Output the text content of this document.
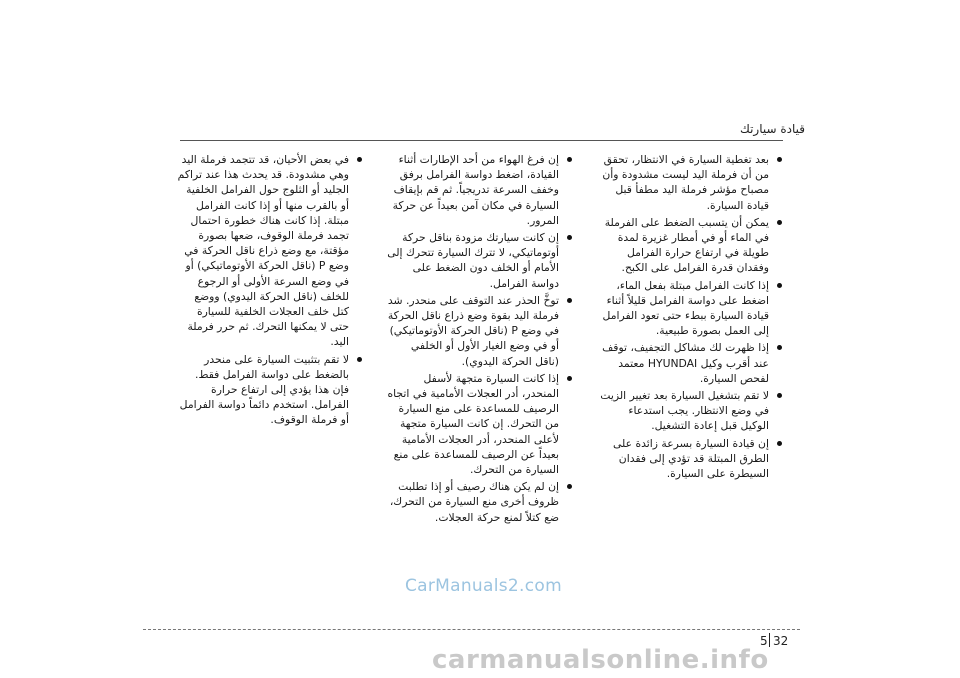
قيادة سيارتك
بعد تغطية السيارة في الانتظار، تحقق من أن فرملة اليد ليست مشدودة وأن مصباح مؤشر فرملة اليد مطفأ قبل قيادة السيارة.
يمكن أن يتسبب الضغط على الفرملة في الماء أو في أمطار غزيرة لمدة طويلة في ارتفاع حرارة الفرامل وفقدان قدرة الفرامل على الكبح.
إذا كانت الفرامل مبتلة بفعل الماء، اضغط على دواسة الفرامل قليلاً أثناء قيادة السيارة ببطء حتى تعود الفرامل إلى العمل بصورة طبيعية.
إذا ظهرت لك مشاكل التجفيف، توقف عند أقرب وكيل HYUNDAI معتمد لفحص السيارة.
لا تقم بتشغيل السيارة بعد تغيير الزيت في وضع الانتظار. يجب استدعاء الوكيل قبل إعادة التشغيل.
إن قيادة السيارة بسرعة زائدة على الطرق المبتلة قد تؤدي إلى فقدان السيطرة على السيارة.
إن فرغ الهواء من أحد الإطارات أثناء القيادة، اضغط دواسة الفرامل برفق وخفف السرعة تدريجياً. ثم قم بإيقاف السيارة في مكان آمن بعيداً عن حركة المرور.
إن كانت سيارتك مزودة بناقل حركة أوتوماتيكي، لا تترك السيارة تتحرك إلى الأمام أو الخلف دون الضغط على دواسة الفرامل.
توخَّ الحذر عند التوقف على منحدر. شد فرملة اليد بقوة وضع ذراع ناقل الحركة في وضع P (ناقل الحركة الأوتوماتيكي) أو في وضع الغيار الأول أو الخلفي (ناقل الحركة اليدوي).
إذا كانت السيارة متجهة لأسفل المنحدر، أدر العجلات الأمامية في اتجاه الرصيف للمساعدة على منع السيارة من التحرك. إن كانت السيارة متجهة لأعلى المنحدر، أدر العجلات الأمامية بعيداً عن الرصيف للمساعدة على منع السيارة من التحرك.
إن لم يكن هناك رصيف أو إذا تطلبت ظروف أخرى منع السيارة من التحرك، ضع كتلاً لمنع حركة العجلات.
في بعض الأحيان، قد تتجمد فرملة اليد وهي مشدودة. قد يحدث هذا عند تراكم الجليد أو الثلوج حول الفرامل الخلفية أو بالقرب منها أو إذا كانت الفرامل مبتلة. إذا كانت هناك خطورة احتمال تجمد فرملة الوقوف، ضعها بصورة مؤقتة، مع وضع ذراع ناقل الحركة في وضع P (ناقل الحركة الأوتوماتيكي) أو في وضع السرعة الأولى أو الرجوع للخلف (ناقل الحركة اليدوي) ووضع كتل خلف العجلات الخلفية للسيارة حتى لا يمكنها التحرك. ثم حرر فرملة اليد.
لا تقم بتثبيت السيارة على منحدر بالضغط على دواسة الفرامل فقط. فإن هذا يؤدي إلى ارتفاع حرارة الفرامل. استخدم دائماً دواسة الفرامل أو فرملة الوقوف.
5 32
CarManuals2.com
carmanualsonline.info
